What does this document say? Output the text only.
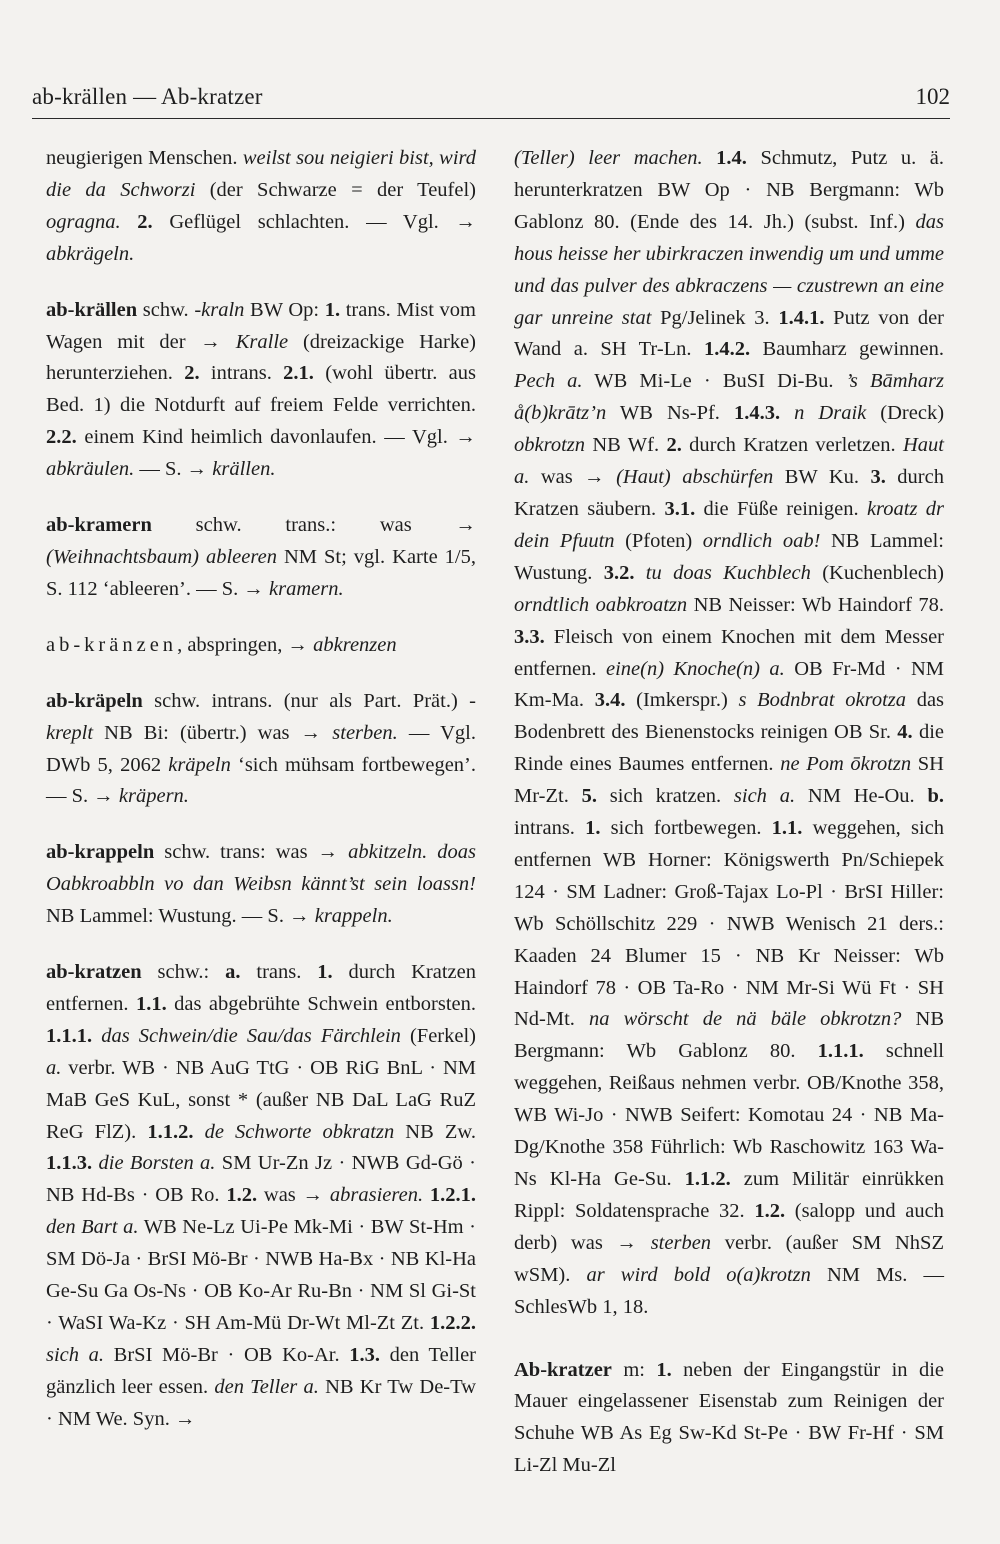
ab-krällen — Ab-kratzer	102

neugierigen Menschen. weilst sou neigieri bist, wird die da Schworzi (der Schwarze = der Teufel) ogragna. 2. Geflügel schlachten. — Vgl. → abkrägeln.

ab-krällen schw. -kraln BW Op: 1. trans. Mist vom Wagen mit der → Kralle (dreizackige Harke) herunterziehen. 2. intrans. 2.1. (wohl übertr. aus Bed. 1) die Notdurft auf freiem Felde verrichten. 2.2. einem Kind heimlich davonlaufen. — Vgl. → abkräulen. — S. → krällen.

ab-kramern schw. trans.: was → (Weihnachtsbaum) ableeren NM St; vgl. Karte 1/5, S. 112 ‘ableeren’. — S. → kramern.

ab-kränzen, abspringen, → abkrenzen

ab-kräpeln schw. intrans. (nur als Part. Prät.) -kreplt NB Bi: (übertr.) was → sterben. — Vgl. DWb 5, 2062 kräpeln ‘sich mühsam fortbewegen’. — S. → kräpern.

ab-krappeln schw. trans: was → abkitzeln. doas Oabkroabbln vo dan Weibsn kännt’st sein loassn! NB Lammel: Wustung. — S. → krappeln.

ab-kratzen schw.: a. trans. 1. durch Kratzen entfernen. 1.1. das abgebrühte Schwein entborsten. 1.1.1. das Schwein/die Sau/das Färchlein (Ferkel) a. verbr. WB · NB AuG TtG · OB RiG BnL · NM MaB GeS KuL, sonst * (außer NB DaL LaG RuZ ReG FlZ). 1.1.2. de Schworte obkratzn NB Zw. 1.1.3. die Borsten a. SM Ur-Zn Jz · NWB Gd-Gö · NB Hd-Bs · OB Ro. 1.2. was → abrasieren. 1.2.1. den Bart a. WB Ne-Lz Ui-Pe Mk-Mi · BW St-Hm · SM Dö-Ja · BrSI Mö-Br · NWB Ha-Bx · NB Kl-Ha Ge-Su Ga Os-Ns · OB Ko-Ar Ru-Bn · NM Sl Gi-St · WaSI Wa-Kz · SH Am-Mü Dr-Wt Ml-Zt Zt. 1.2.2. sich a. BrSI Mö-Br · OB Ko-Ar. 1.3. den Teller gänzlich leer essen. den Teller a. NB Kr Tw De-Tw · NM We. Syn. →

(Teller) leer machen. 1.4. Schmutz, Putz u. ä. herunterkratzen BW Op · NB Bergmann: Wb Gablonz 80. (Ende des 14. Jh.) (subst. Inf.) das hous heisse her ubirkraczen inwendig um und umme und das pulver des abkraczens — czustrewn an eine gar unreine stat Pg/Jelinek 3. 1.4.1. Putz von der Wand a. SH Tr-Ln. 1.4.2. Baumharz gewinnen. Pech a. WB Mi-Le · BuSI Di-Bu. ’s Bāmharz å(b)krātz’n WB Ns-Pf. 1.4.3. n Draik (Dreck) obkrotzn NB Wf. 2. durch Kratzen verletzen. Haut a. was → (Haut) abschürfen BW Ku. 3. durch Kratzen säubern. 3.1. die Füße reinigen. kroatz dr dein Pfuutn (Pfoten) orndlich oab! NB Lammel: Wustung. 3.2. tu doas Kuchblech (Kuchenblech) orndtlich oabkroatzn NB Neisser: Wb Haindorf 78. 3.3. Fleisch von einem Knochen mit dem Messer entfernen. eine(n) Knoche(n) a. OB Fr-Md · NM Km-Ma. 3.4. (Imkerspr.) s Bodnbrat okrotza das Bodenbrett des Bienenstocks reinigen OB Sr. 4. die Rinde eines Baumes entfernen. ne Pom ōkrotzn SH Mr-Zt. 5. sich kratzen. sich a. NM He-Ou. b. intrans. 1. sich fortbewegen. 1.1. weggehen, sich entfernen WB Horner: Königswerth Pn/Schiepek 124 · SM Ladner: Groß-Tajax Lo-Pl · BrSI Hiller: Wb Schöllschitz 229 · NWB Wenisch 21 ders.: Kaaden 24 Blumer 15 · NB Kr Neisser: Wb Haindorf 78 · OB Ta-Ro · NM Mr-Si Wü Ft · SH Nd-Mt. na wörscht de nä bäle obkrotzn? NB Bergmann: Wb Gablonz 80. 1.1.1. schnell weggehen, Reißaus nehmen verbr. OB/Knothe 358, WB Wi-Jo · NWB Seifert: Komotau 24 · NB Ma-Dg/Knothe 358 Führlich: Wb Raschowitz 163 Wa-Ns Kl-Ha Ge-Su. 1.1.2. zum Militär einrükken Rippl: Soldatensprache 32. 1.2. (salopp und auch derb) was → sterben verbr. (außer SM NhSZ wSM). ar wird bold o(a)krotzn NM Ms. — SchlesWb 1, 18.

Ab-kratzer m: 1. neben der Eingangstür in die Mauer eingelassener Eisenstab zum Reinigen der Schuhe WB As Eg Sw-Kd St-Pe · BW Fr-Hf · SM Li-Zl Mu-Zl
